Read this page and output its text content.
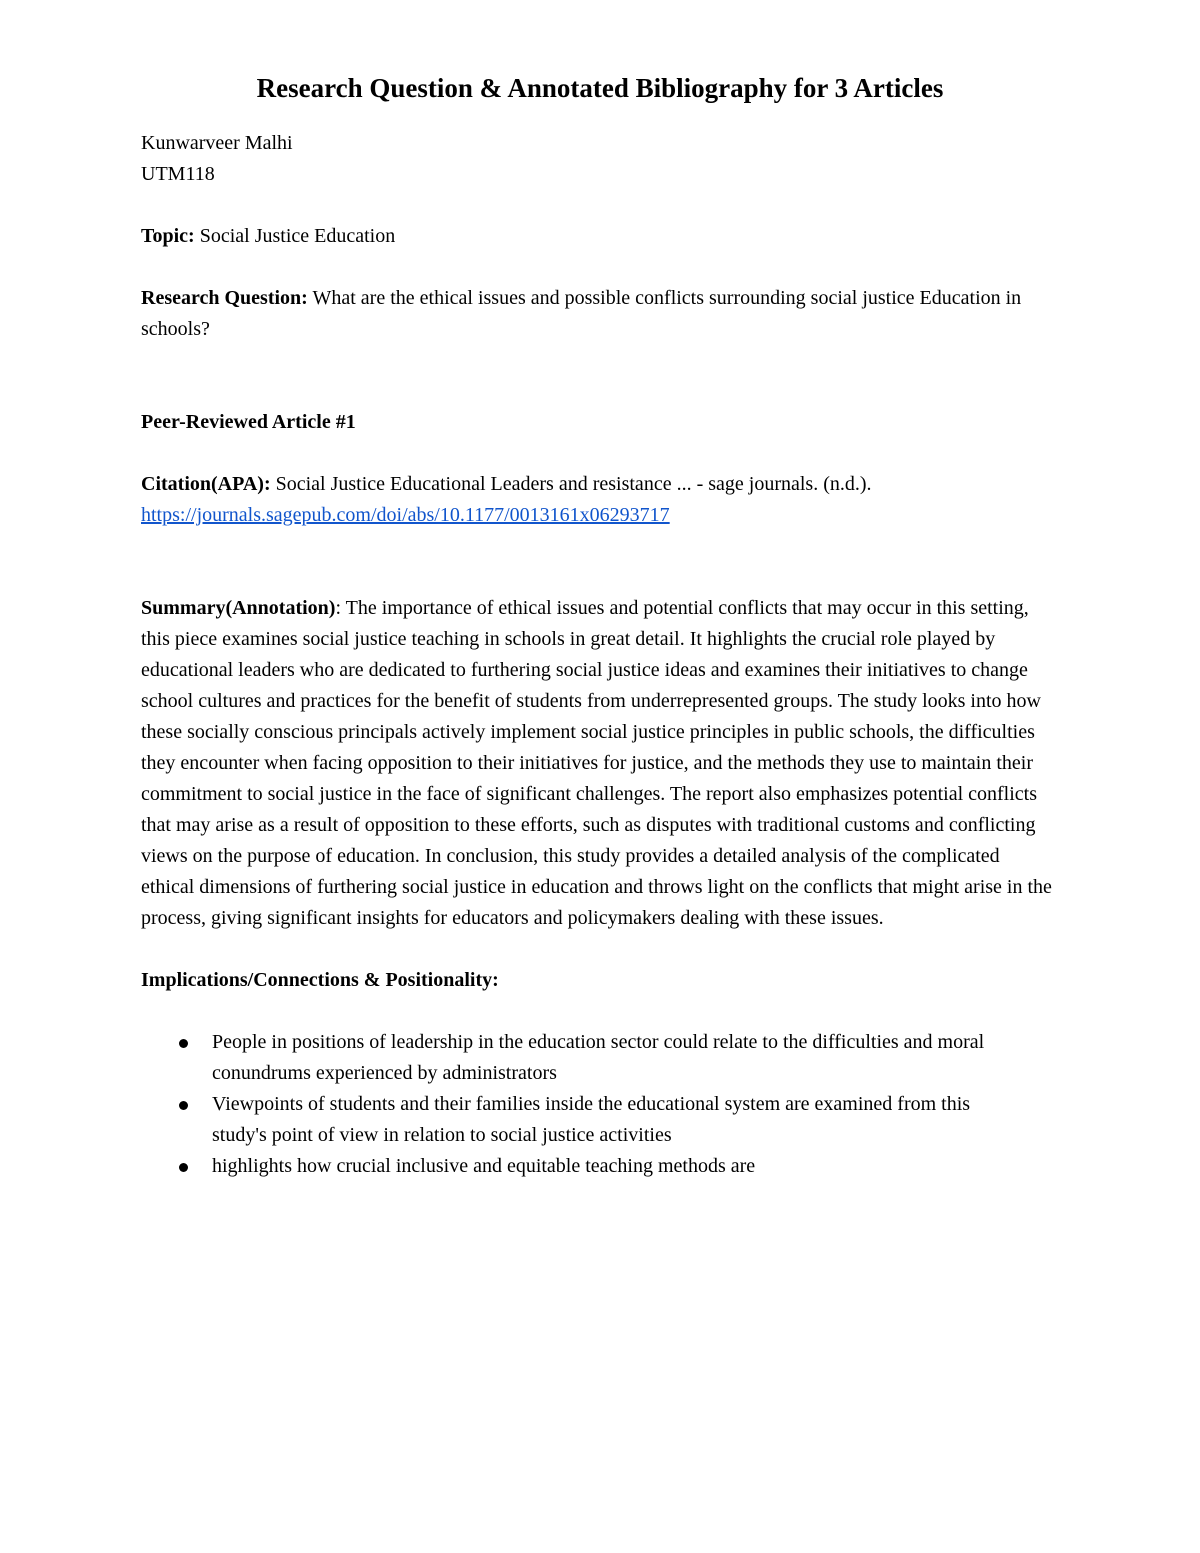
Research Question & Annotated Bibliography for 3 Articles
Kunwarveer Malhi
UTM118
Topic: Social Justice Education
Research Question: What are the ethical issues and possible conflicts surrounding social justice Education in schools?
Peer-Reviewed Article #1
Citation(APA): Social Justice Educational Leaders and resistance ... - sage journals. (n.d.).
https://journals.sagepub.com/doi/abs/10.1177/0013161x06293717
Summary(Annotation): The importance of ethical issues and potential conflicts that may occur in this setting, this piece examines social justice teaching in schools in great detail. It highlights the crucial role played by educational leaders who are dedicated to furthering social justice ideas and examines their initiatives to change school cultures and practices for the benefit of students from underrepresented groups. The study looks into how these socially conscious principals actively implement social justice principles in public schools, the difficulties they encounter when facing opposition to their initiatives for justice, and the methods they use to maintain their commitment to social justice in the face of significant challenges. The report also emphasizes potential conflicts that may arise as a result of opposition to these efforts, such as disputes with traditional customs and conflicting views on the purpose of education. In conclusion, this study provides a detailed analysis of the complicated ethical dimensions of furthering social justice in education and throws light on the conflicts that might arise in the process, giving significant insights for educators and policymakers dealing with these issues.
Implications/Connections & Positionality:
People in positions of leadership in the education sector could relate to the difficulties and moral conundrums experienced by administrators
Viewpoints of students and their families inside the educational system are examined from this study's point of view in relation to social justice activities
highlights how crucial inclusive and equitable teaching methods are
